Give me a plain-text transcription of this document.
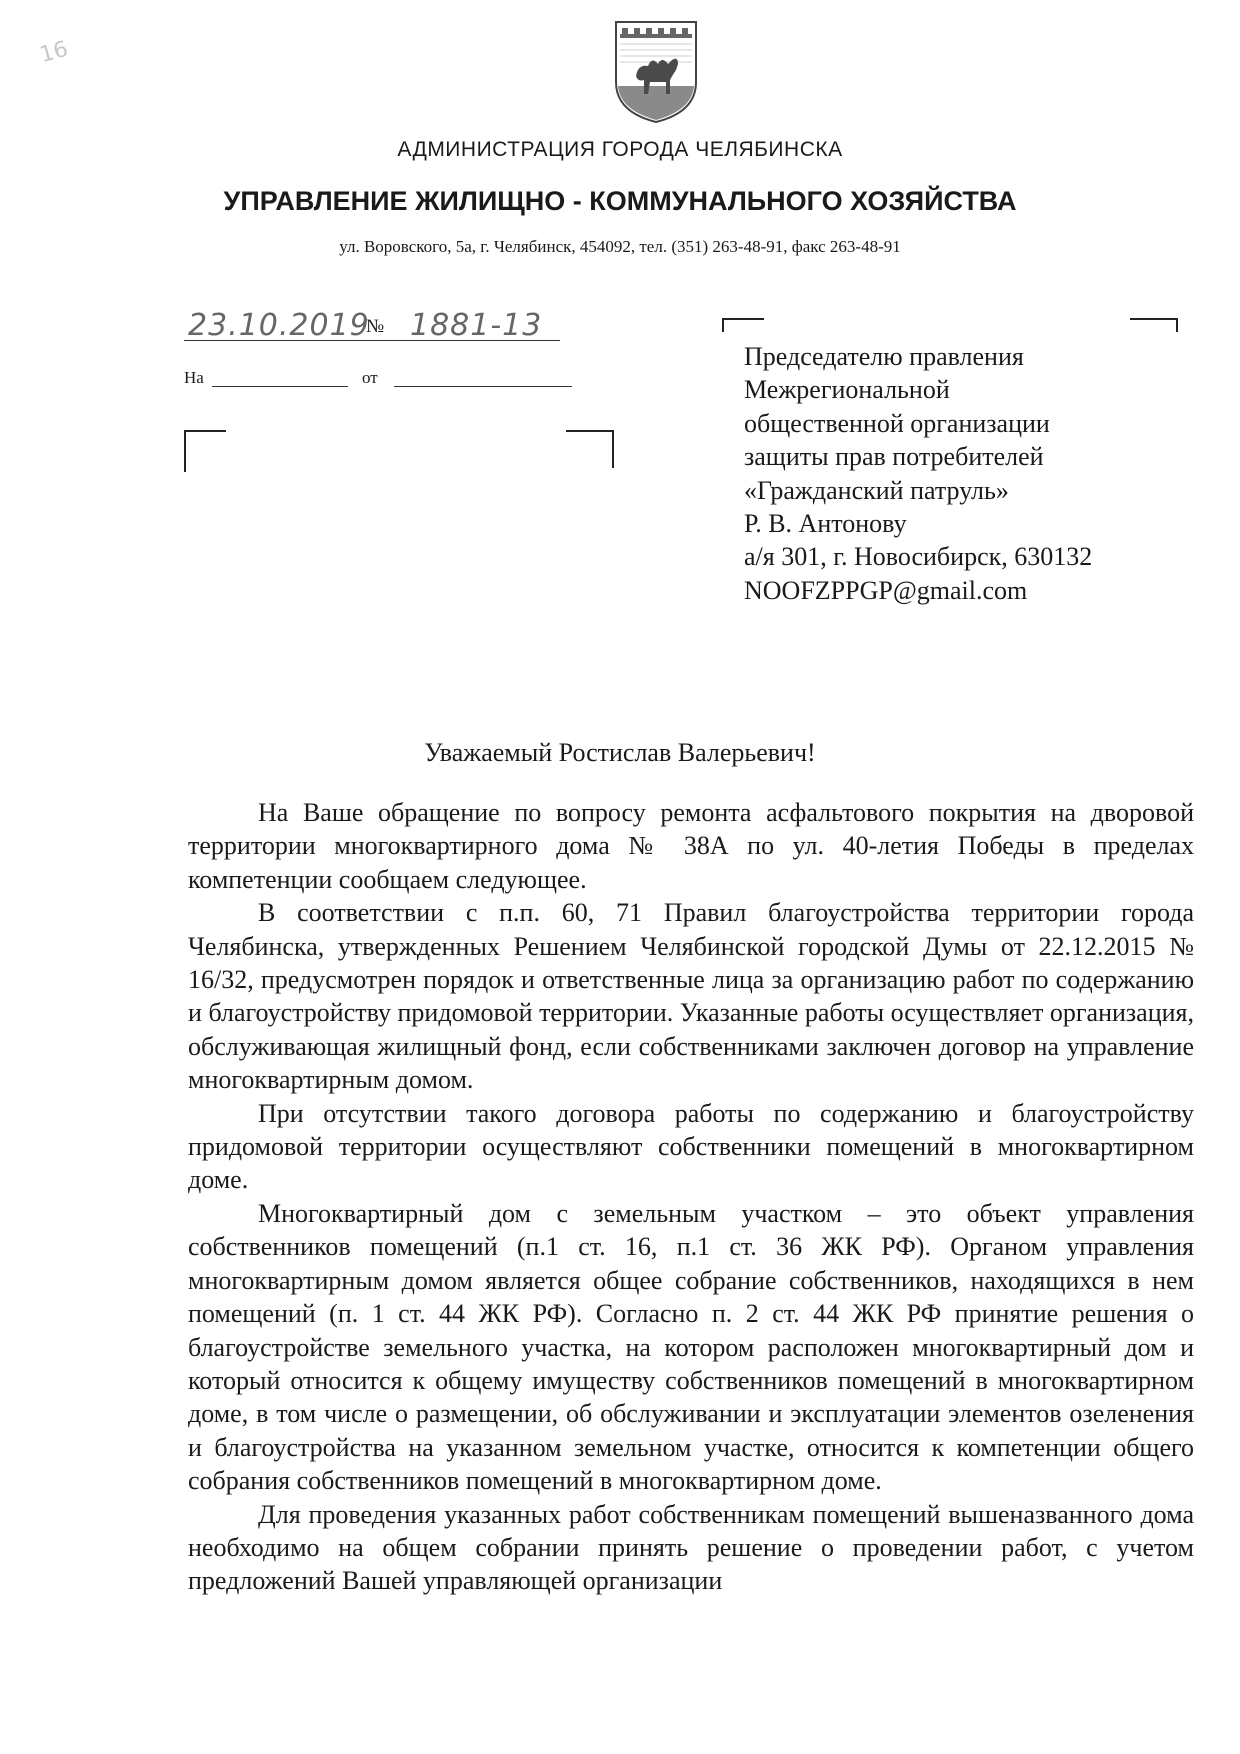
16
АДМИНИСТРАЦИЯ ГОРОДА ЧЕЛЯБИНСКА
УПРАВЛЕНИЕ ЖИЛИЩНО - КОММУНАЛЬНОГО ХОЗЯЙСТВА
ул. Воровского, 5а, г. Челябинск, 454092, тел. (351) 263-48-91, факс 263-48-91
23.10.2019
№ 1881-13
На	от
Председателю правления
Межрегиональной
общественной организации
защиты прав потребителей
«Гражданский патруль»
Р. В. Антонову
а/я 301, г. Новосибирск, 630132
NOOFZPPGP@gmail.com
Уважаемый Ростислав Валерьевич!

На Ваше обращение по вопросу ремонта асфальтового покрытия на дворовой территории многоквартирного дома № 38А по ул. 40-летия Победы в пределах компетенции сообщаем следующее.

В соответствии с п.п. 60, 71 Правил благоустройства территории города Челябинска, утвержденных Решением Челябинской городской Думы от 22.12.2015 № 16/32, предусмотрен порядок и ответственные лица за организацию работ по содержанию и благоустройству придомовой территории. Указанные работы осуществляет организация, обслуживающая жилищный фонд, если собственниками заключен договор на управление многоквартирным домом.

При отсутствии такого договора работы по содержанию и благоустройству придомовой территории осуществляют собственники помещений в многоквартирном доме.

Многоквартирный дом с земельным участком – это объект управления собственников помещений (п.1 ст. 16, п.1 ст. 36 ЖК РФ). Органом управления многоквартирным домом является общее собрание собственников, находящихся в нем помещений (п. 1 ст. 44 ЖК РФ). Согласно п. 2 ст. 44 ЖК РФ принятие решения о благоустройстве земельного участка, на котором расположен многоквартирный дом и который относится к общему имуществу собственников помещений в многоквартирном доме, в том числе о размещении, об обслуживании и эксплуатации элементов озеленения и благоустройства на указанном земельном участке, относится к компетенции общего собрания собственников помещений в многоквартирном доме.

Для проведения указанных работ собственникам помещений вышеназванного дома необходимо на общем собрании принять решение о проведении работ, с учетом предложений Вашей управляющей организации
